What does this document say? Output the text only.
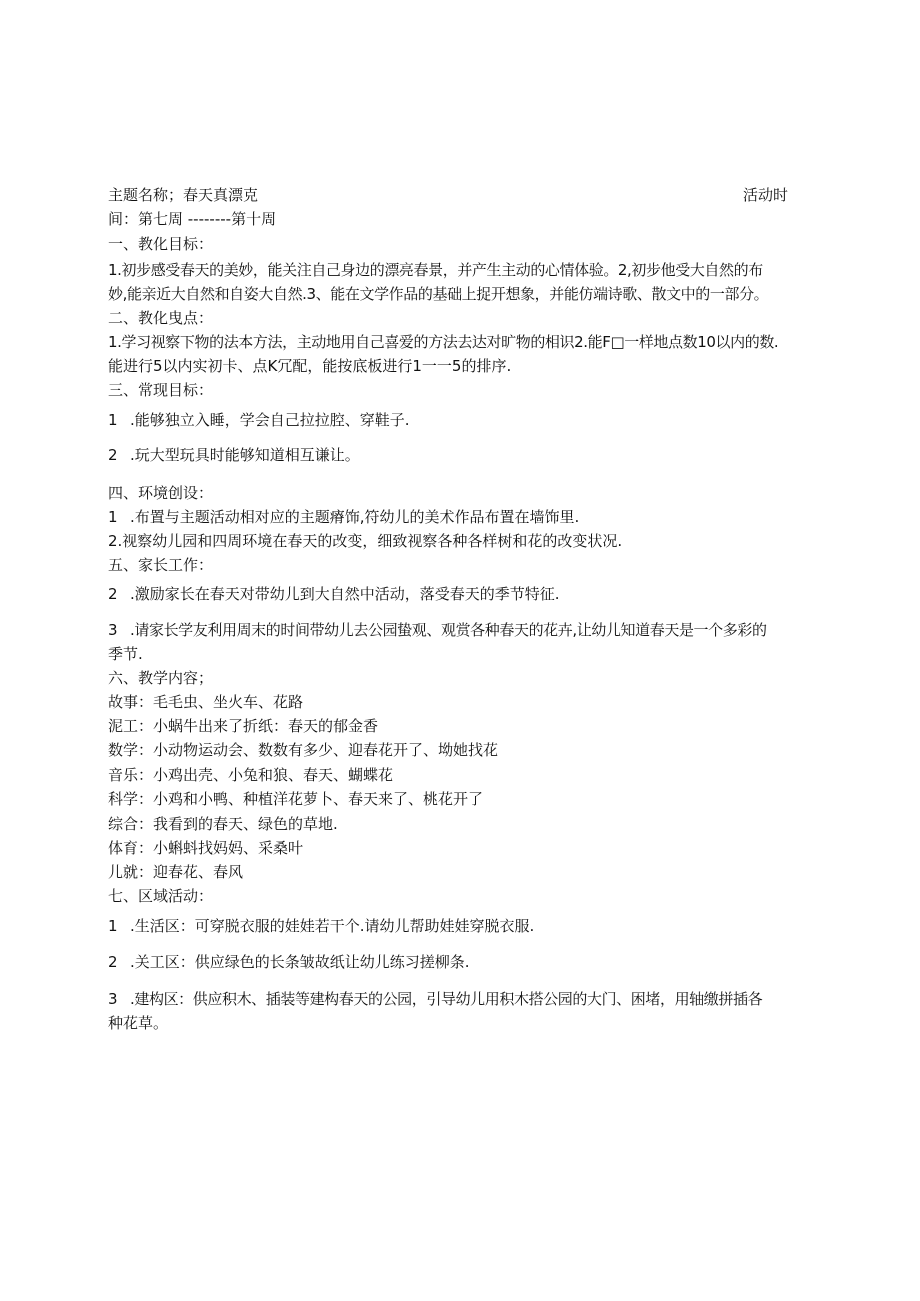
主题名称；春天真漂克	活动时
间：第七周 --------第十周
一、教化目标：
1.初步感受春天的美妙，能关注自己身边的漂亮春景，并产生主动的心情体验。2,初步他受大自然的布
妙,能亲近大自然和自姿大自然.3、能在文学作品的基础上捉开想象，并能仿端诗歌、散文中的一部分。
二、教化曳点：
1.学习视察下物的法本方法，主动地用自己喜爱的方法去达对旷物的相识2.能F□一样地点数10以内的数.
能进行5以内实初卡、点K冗配，能按底板进行1一一5的排序.
三、常现目标：
1 .能够独立入睡，学会自己拉拉腔、穿鞋子.
2 .玩大型玩具时能够知道相互谦让。
四、环境创设：
1 .布置与主题活动相对应的主题瘠饰,符幼儿的美术作品布置在墙饰里.
2.视察幼儿园和四周环境在春天的改变，细致视察各种各样树和花的改变状况.
五、家长工作：
2 .激励家长在春天对带幼儿到大自然中活动，落受春天的季节特征.
3 .请家长学友利用周末的时间带幼儿去公园蛰观、观赏各种春天的花卉,让幼儿知道春天是一个多彩的
季节.
六、教学内容；
故事：毛毛虫、坐火车、花路
泥工：小蜗牛出来了折纸：春天的郁金香
数学：小动物运动会、数数有多少、迎春花开了、坳她找花
音乐：小鸡出壳、小兔和狼、春天、蝴蝶花
科学：小鸡和小鸭、种植洋花萝卜、春天来了、桃花开了
综合：我看到的春天、绿色的草地.
体育：小蝌蚪找妈妈、采桑叶
儿就：迎春花、春风
七、区域活动：
1 .生活区：可穿脱衣服的娃娃若干个.请幼儿帮助娃娃穿脱衣服.
2 .关工区：供应绿色的长条皱故纸让幼儿练习搓柳条.
3 .建构区：供应积木、插装等建构春天的公园，引导幼儿用积木搭公园的大门、困堵，用轴缴拼插各
种花草。
